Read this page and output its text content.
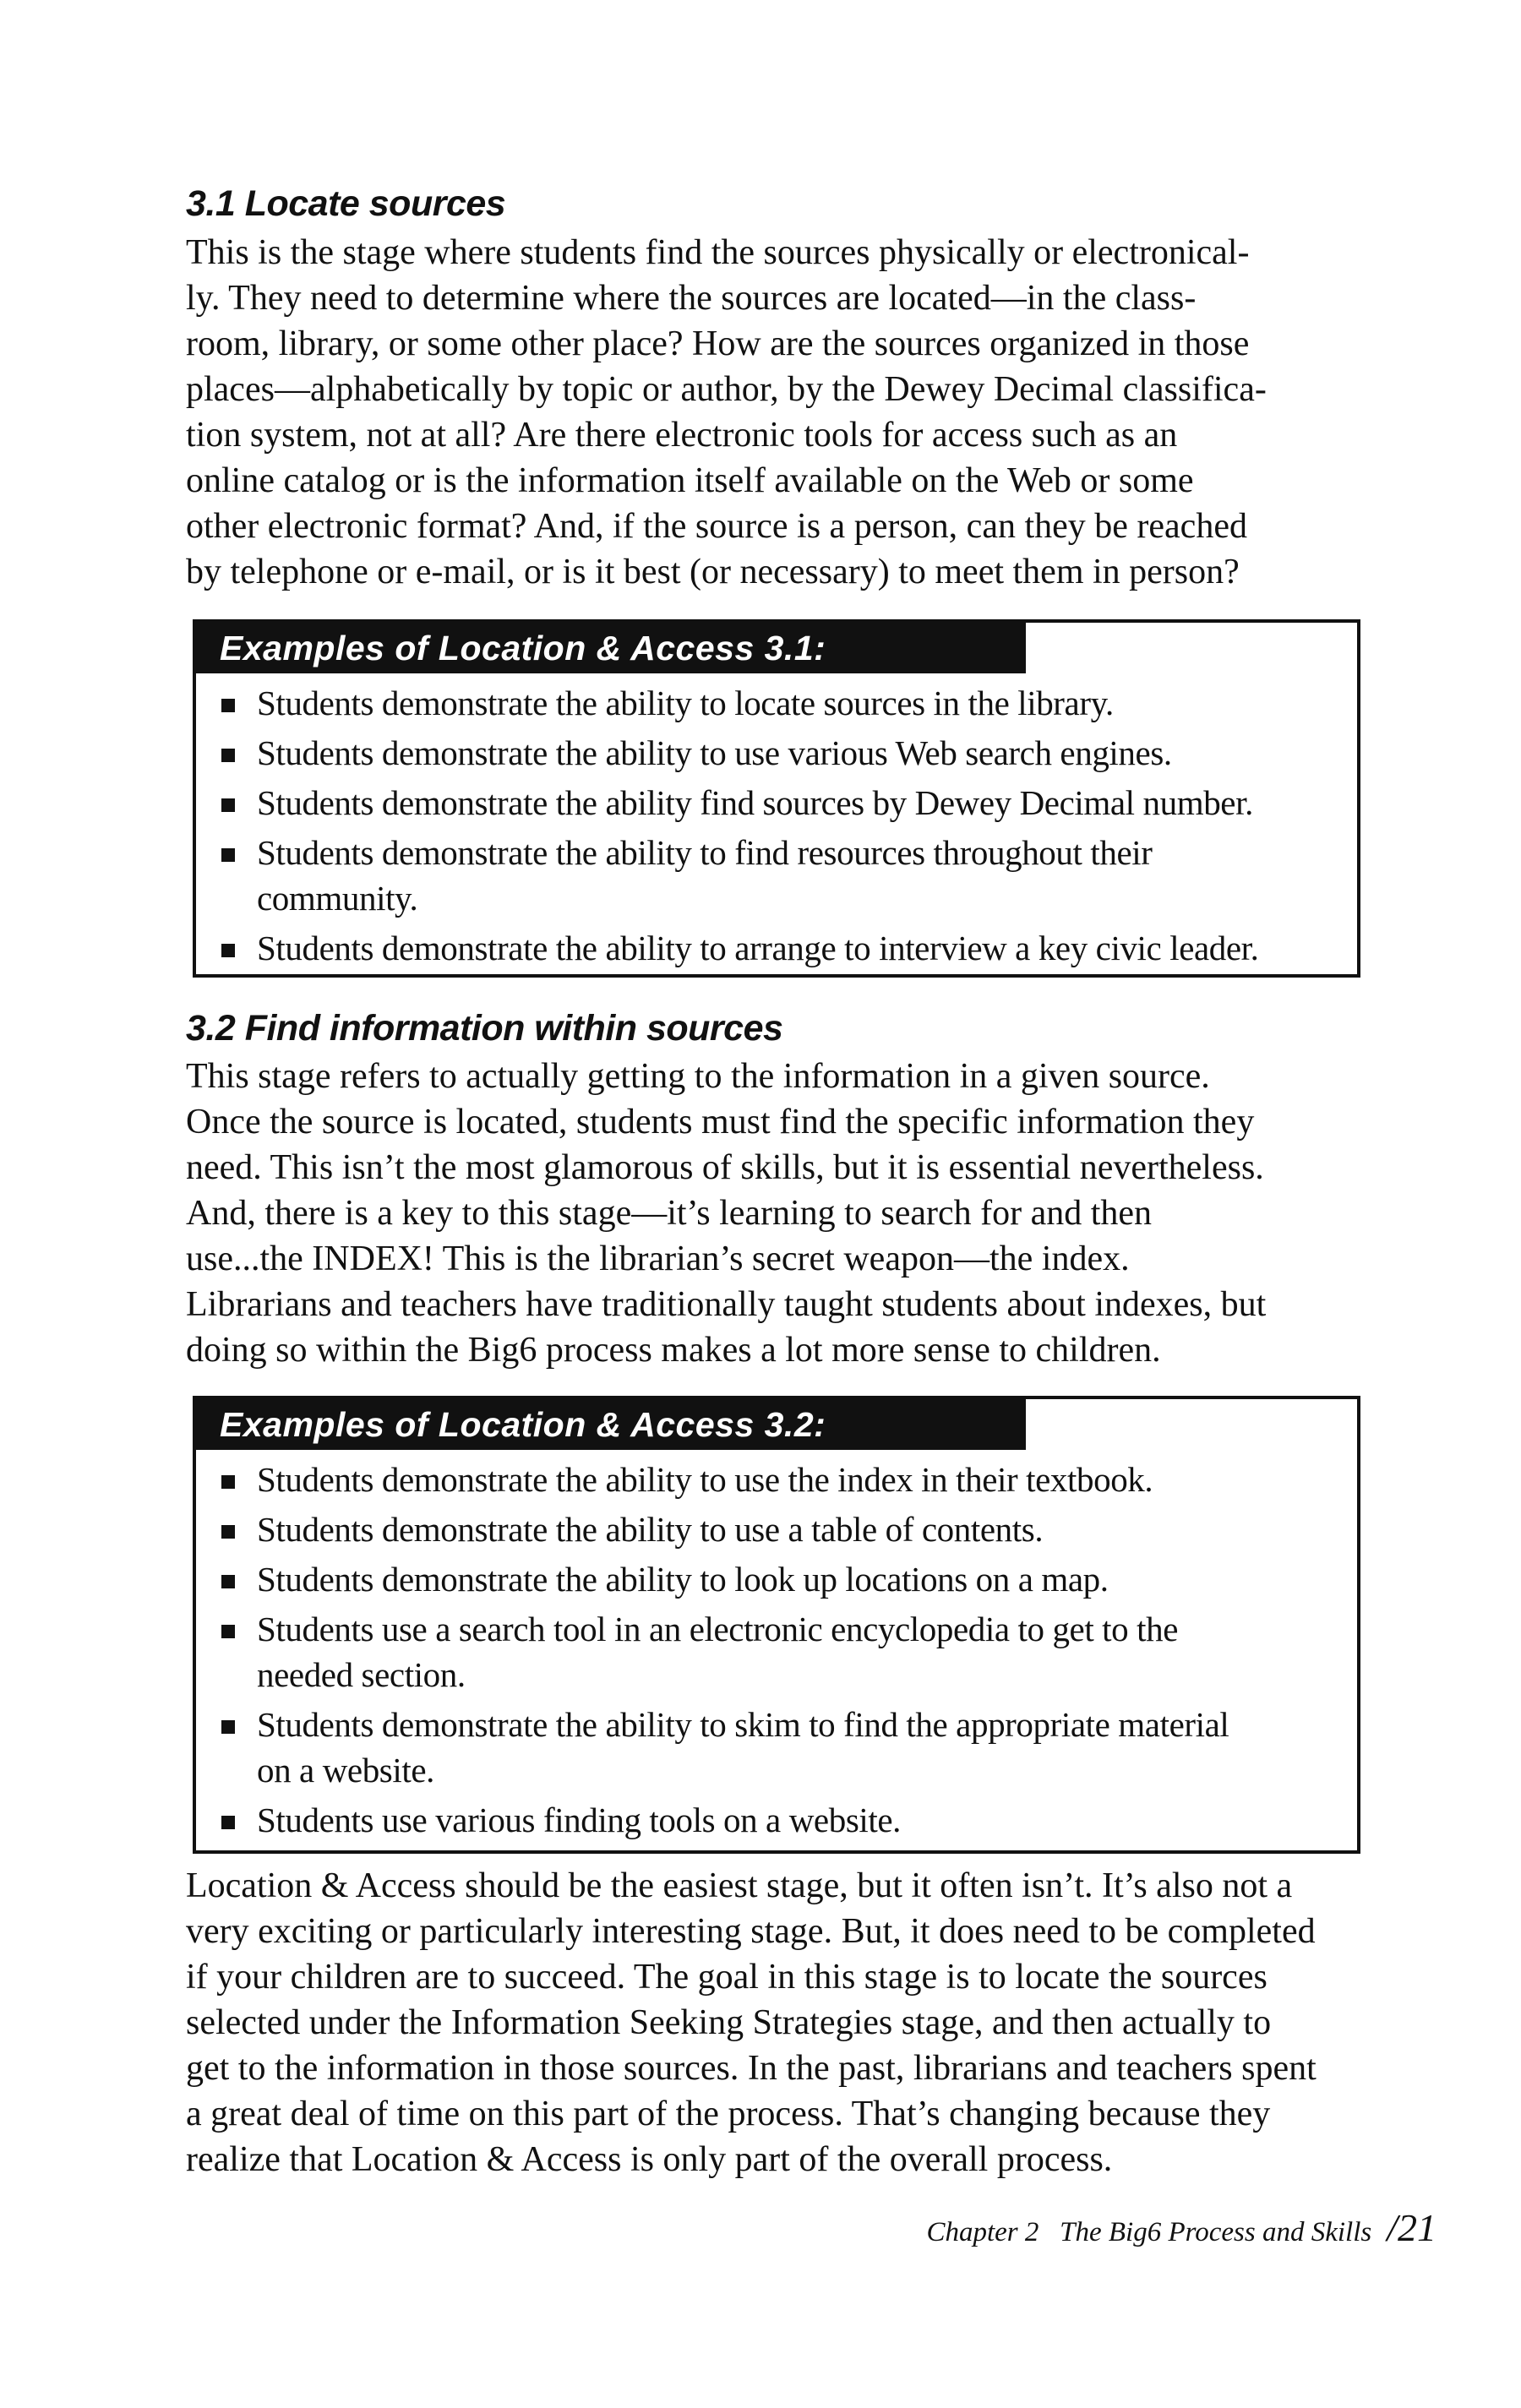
3.1 Locate sources

This is the stage where students find the sources physically or electronical-
ly. They need to determine where the sources are located—in the class-
room, library, or some other place? How are the sources organized in those
places—alphabetically by topic or author, by the Dewey Decimal classifica-
tion system, not at all? Are there electronic tools for access such as an
online catalog or is the information itself available on the Web or some
other electronic format? And, if the source is a person, can they be reached
by telephone or e-mail, or is it best (or necessary) to meet them in person?

Examples of Location & Access 3.1:
Students demonstrate the ability to locate sources in the library.
Students demonstrate the ability to use various Web search engines.
Students demonstrate the ability find sources by Dewey Decimal number.
Students demonstrate the ability to find resources throughout their
community.
Students demonstrate the ability to arrange to interview a key civic leader.
3.2 Find information within sources

This stage refers to actually getting to the information in a given source.
Once the source is located, students must find the specific information they
need. This isn’t the most glamorous of skills, but it is essential nevertheless.
And, there is a key to this stage—it’s learning to search for and then
use...the INDEX! This is the librarian’s secret weapon—the index.
Librarians and teachers have traditionally taught students about indexes, but
doing so within the Big6 process makes a lot more sense to children.

Examples of Location & Access 3.2:
Students demonstrate the ability to use the index in their textbook.
Students demonstrate the ability to use a table of contents.
Students demonstrate the ability to look up locations on a map.
Students use a search tool in an electronic encyclopedia to get to the
needed section.
Students demonstrate the ability to skim to find the appropriate material
on a website.
Students use various finding tools on a website.

Location & Access should be the easiest stage, but it often isn’t. It’s also not a
very exciting or particularly interesting stage. But, it does need to be completed
if your children are to succeed. The goal in this stage is to locate the sources
selected under the Information Seeking Strategies stage, and then actually to
get to the information in those sources. In the past, librarians and teachers spent
a great deal of time on this part of the process. That’s changing because they
realize that Location & Access is only part of the overall process.

Chapter 2   The Big6 Process and Skills /21
